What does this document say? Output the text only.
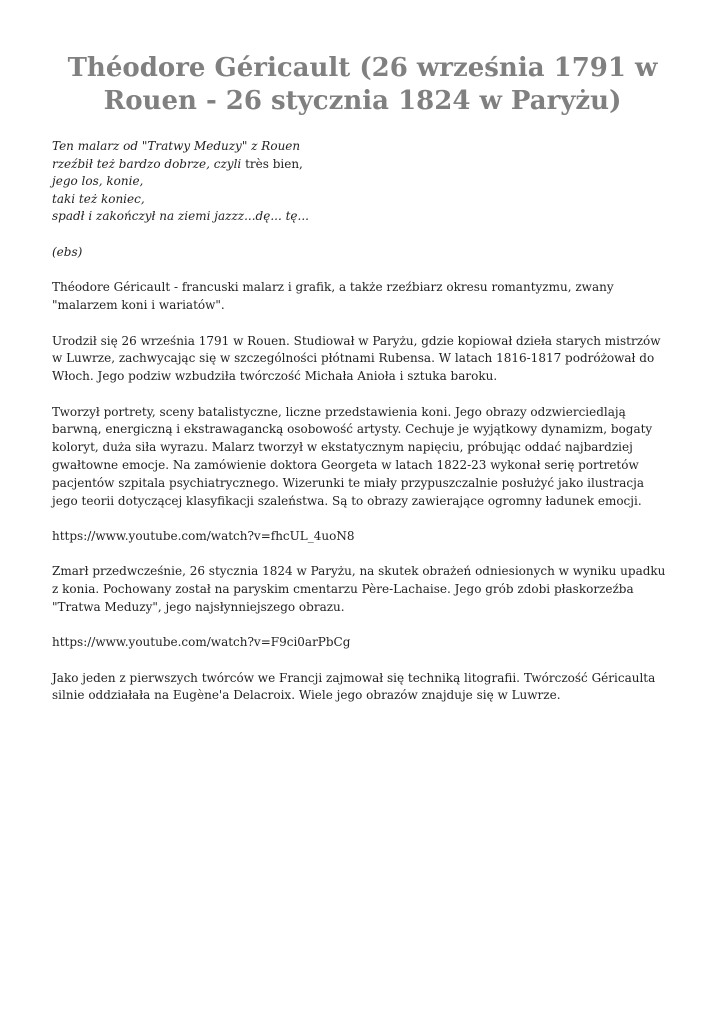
Théodore Géricault (26 września 1791 w Rouen - 26 stycznia 1824 w Paryżu)
Ten malarz od "Tratwy Meduzy" z Rouen
rzeźbił też bardzo dobrze, czyli très bien,
jego los, konie,
taki też koniec,
spadł i zakończył na ziemi jazzz...dę... tę...

(ebs)

Théodore Géricault - francuski malarz i grafik, a także rzeźbiarz okresu romantyzmu, zwany "malarzem koni i wariatów".

Urodził się 26 września 1791 w Rouen. Studiował w Paryżu, gdzie kopiował dzieła starych mistrzów w Luwrze, zachwycając się w szczególności płótnami Rubensa. W latach 1816-1817 podróżował do Włoch. Jego podziw wzbudziła twórczość Michała Anioła i sztuka baroku.

Tworzył portrety, sceny batalistyczne, liczne przedstawienia koni. Jego obrazy odzwierciedlają barwną, energiczną i ekstrawagancką osobowość artysty. Cechuje je wyjątkowy dynamizm, bogaty koloryt, duża siła wyrazu. Malarz tworzył w ekstatycznym napięciu, próbując oddać najbardziej gwałtowne emocje. Na zamówienie doktora Georgeta w latach 1822-23 wykonał serię portretów pacjentów szpitala psychiatrycznego. Wizerunki te miały przypuszczalnie posłużyć jako ilustracja jego teorii dotyczącej klasyfikacji szaleństwa. Są to obrazy zawierające ogromny ładunek emocji.

https://www.youtube.com/watch?v=fhcUL_4uoN8

Zmarł przedwcześnie, 26 stycznia 1824 w Paryżu, na skutek obrażeń odniesionych w wyniku upadku z konia. Pochowany został na paryskim cmentarzu Père-Lachaise. Jego grób zdobi płaskorzeźba "Tratwa Meduzy", jego najsłynniejszego obrazu.

https://www.youtube.com/watch?v=F9ci0arPbCg

Jako jeden z pierwszych twórców we Francji zajmował się techniką litografii. Twórczość Géricaulta silnie oddziałała na Eugène'a Delacroix. Wiele jego obrazów znajduje się w Luwrze.
